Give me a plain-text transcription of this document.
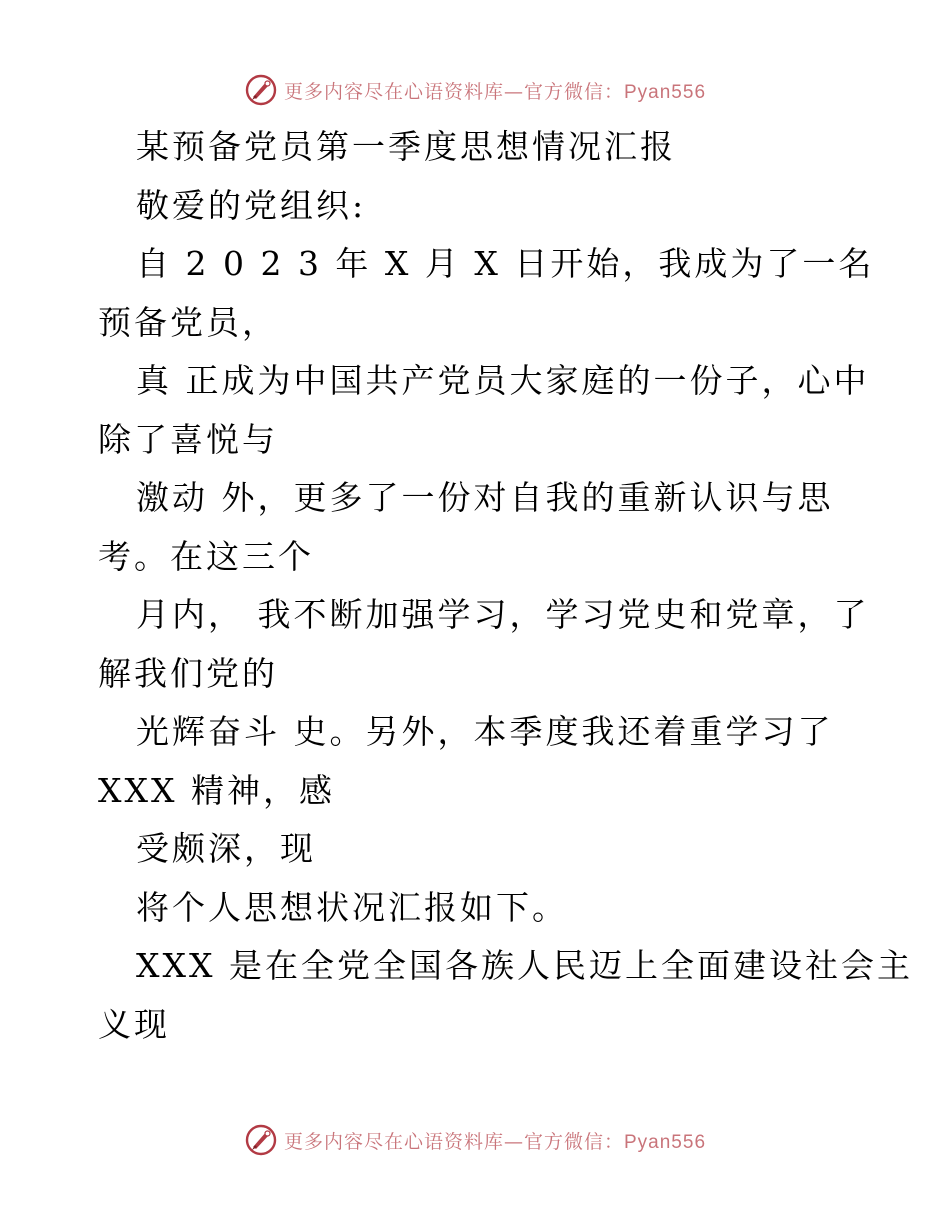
更多内容尽在心语资料库—官方微信：Pyan556
某预备党员第一季度思想情况汇报
敬爱的党组织:
自 2 0 2 3 年 X 月 X 日开始，我成为了一名
预备党员，
真 正成为中国共产党员大家庭的一份子，心中
除了喜悦与
激动 外，更多了一份对自我的重新认识与思
考。在这三个
月内， 我不断加强学习，学习党史和党章，了
解我们党的
光辉奋斗 史。另外，本季度我还着重学习了
XXX 精神，感
受颇深，现
将个人思想状况汇报如下。
XXX 是在全党全国各族人民迈上全面建设社会主
义现
更多内容尽在心语资料库—官方微信：Pyan556
